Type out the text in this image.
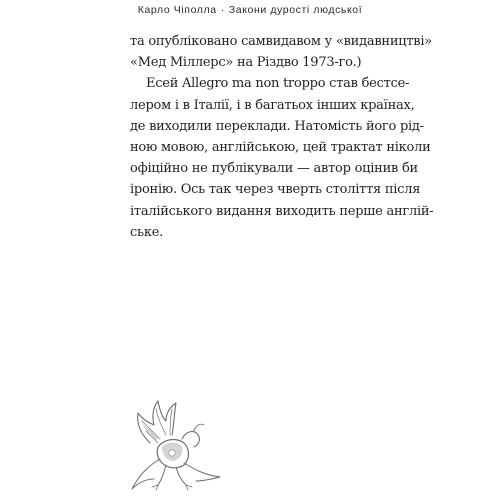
Карло Чіполла · Закони дурості людської
та опубліковано самвидавом у «видавництві»
«Мед Міллерс» на Різдво 1973-го.)
Есей Allegro ma non troppo став бестсе-
лером і в Італії, і в багатьох інших країнах,
де виходили переклади. Натомість його рід-
ною мовою, англійською, цей трактат ніколи
офіційно не публікували — автор оцінив би
іронію. Ось так через чверть століття після
італійського видання виходить перше англій-
ське.
